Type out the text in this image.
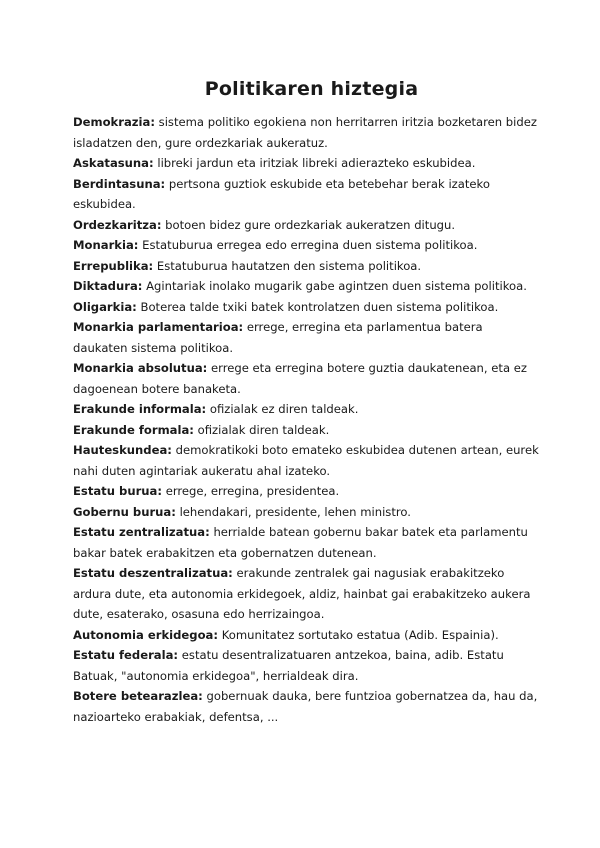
Politikaren hiztegia

Demokrazia: sistema politiko egokiena non herritarren iritzia bozketaren bidez isladatzen den, gure ordezkariak aukeratuz.

Askatasuna: libreki jardun eta iritziak libreki adierazteko eskubidea.

Berdintasuna: pertsona guztiok eskubide eta betebehar berak izateko eskubidea.

Ordezkaritza: botoen bidez gure ordezkariak aukeratzen ditugu.

Monarkia: Estatuburua erregea edo erregina duen sistema politikoa.

Errepublika: Estatuburua hautatzen den sistema politikoa.

Diktadura: Agintariak inolako mugarik gabe agintzen duen sistema politikoa.

Oligarkia: Boterea talde txiki batek kontrolatzen duen sistema politikoa.

Monarkia parlamentarioa: errege, erregina eta parlamentua batera daukaten sistema politikoa.

Monarkia absolutua: errege eta erregina botere guztia daukatenean, eta ez dagoenean botere banaketa.

Erakunde informala: ofizialak ez diren taldeak.

Erakunde formala: ofizialak diren taldeak.

Hauteskundea: demokratikoki boto emateko eskubidea dutenen artean, eurek nahi duten agintariak aukeratu ahal izateko.

Estatu burua: errege, erregina, presidentea.

Gobernu burua: lehendakari, presidente, lehen ministro.

Estatu zentralizatua: herrialde batean gobernu bakar batek eta parlamentu bakar batek erabakitzen eta gobernatzen dutenean.

Estatu deszentralizatua: erakunde zentralek gai nagusiak erabakitzeko ardura dute, eta autonomia erkidegoek, aldiz, hainbat gai erabakitzeko aukera dute, esaterako, osasuna edo herrizaingoa.

Autonomia erkidegoa: Komunitatez sortutako estatua (Adib. Espainia).

Estatu federala: estatu desentralizatuaren antzekoa, baina, adib. Estatu Batuak, "autonomia erkidegoa", herrialdeak dira.

Botere betearazlea: gobernuak dauka, bere funtzioa gobernatzea da, hau da, nazioarteko erabakiak, defentsa, ...
